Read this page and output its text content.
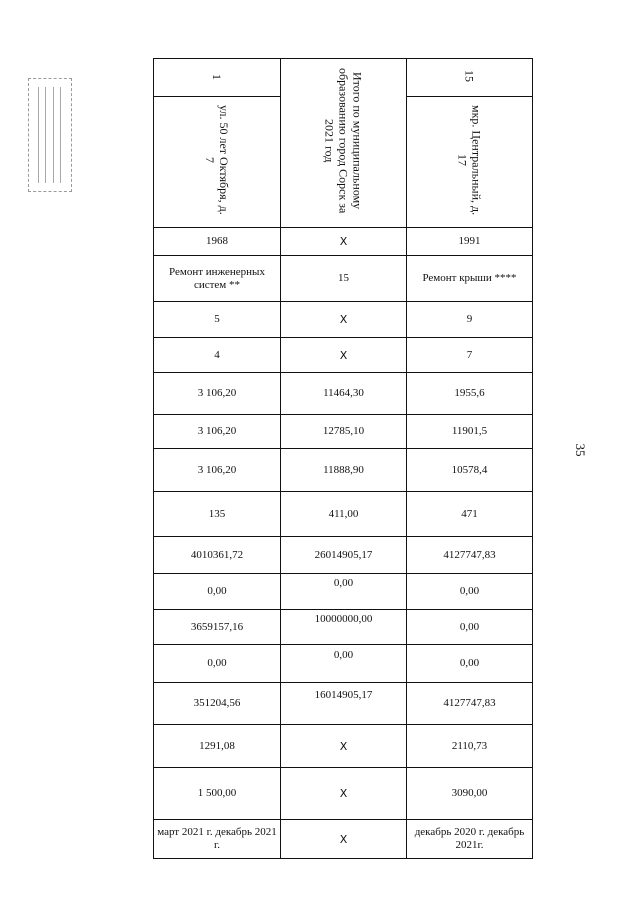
35
1	Итого по муниципальному образованию город Сорск за 2021 год	15
ул. 50 лет Октября, д. 7		мкр. Центральный, д. 17
1968	Х	1991
Ремонт инженерных систем **	15	Ремонт крыши ****
5	Х	9
4	Х	7
3 106,20	11464,30	1955,6
3 106,20	12785,10	11901,5
3 106,20	11888,90	10578,4
135	411,00	471
4010361,72	26014905,17	4127747,83
0,00	0,00	0,00
3659157,16	10000000,00	0,00
0,00	0,00	0,00
351204,56	16014905,17	4127747,83
1291,08	Х	2110,73
1 500,00	Х	3090,00
март 2021 г. декабрь 2021 г.	Х	декабрь 2020 г. декабрь 2021г.
